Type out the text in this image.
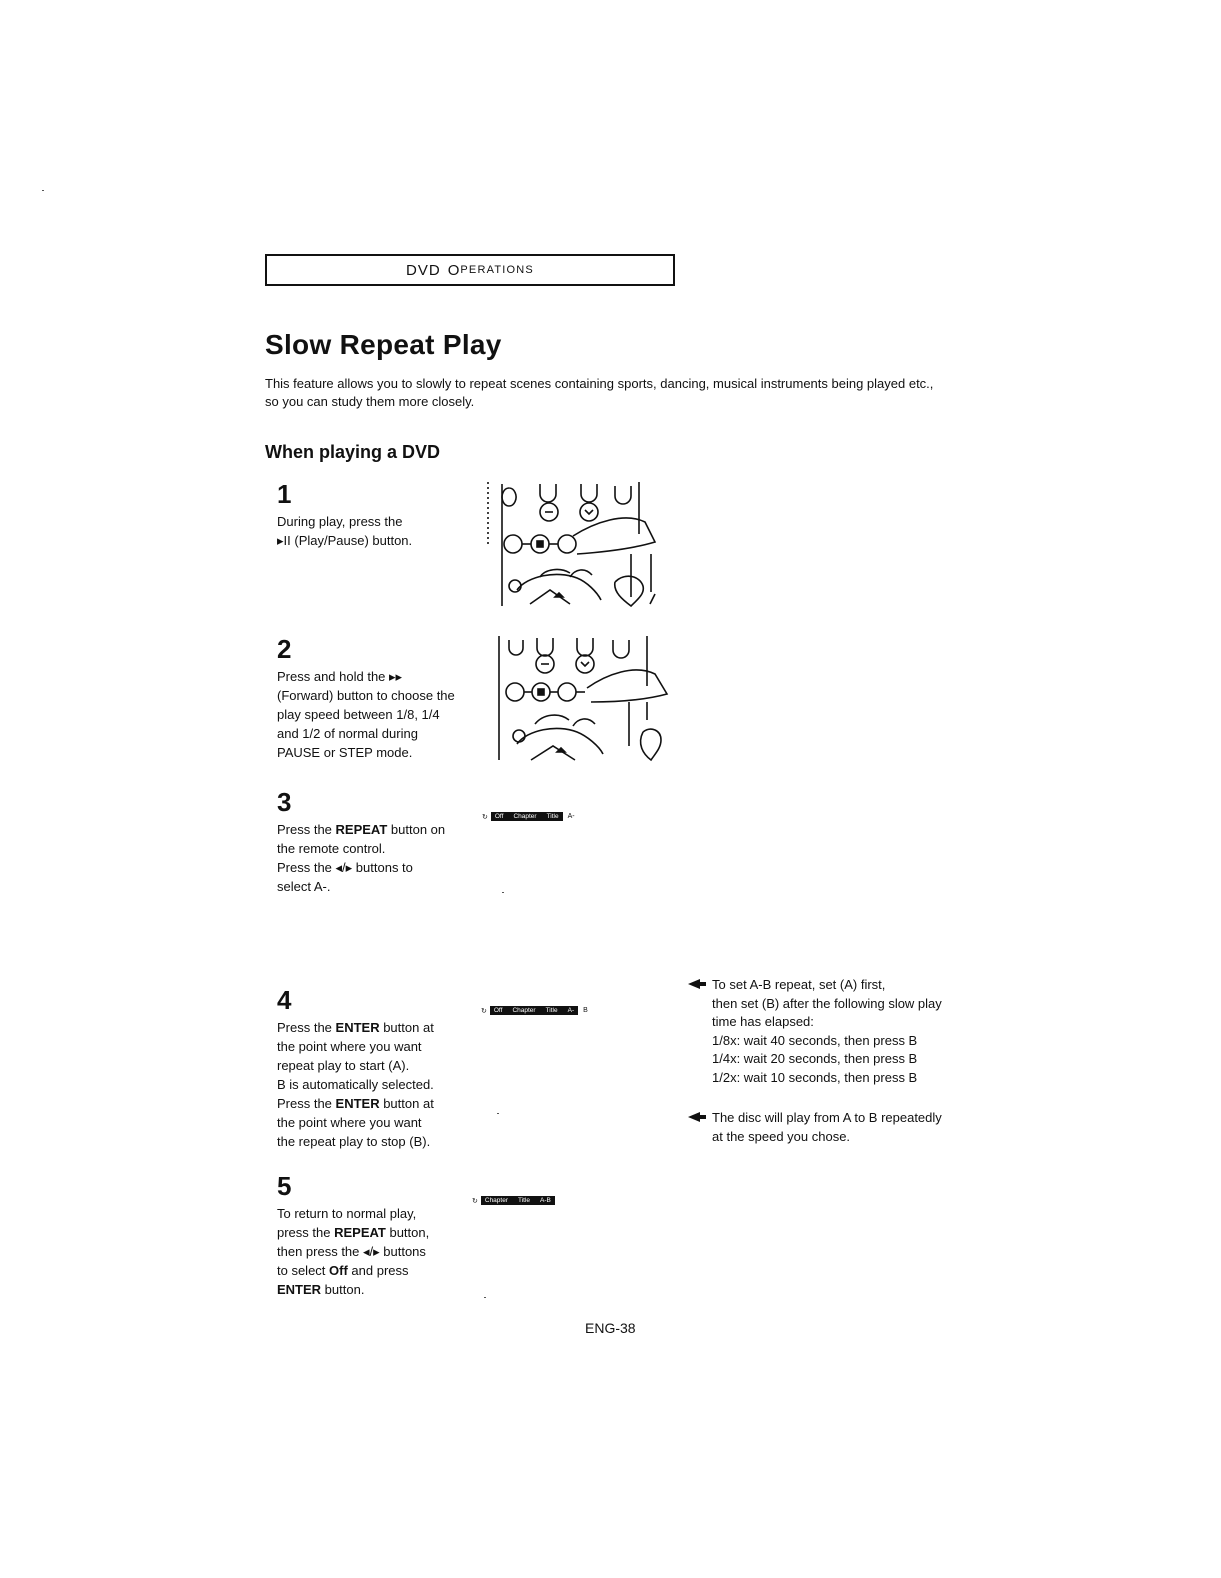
DVD O PERATIONS
Slow Repeat Play

This feature allows you to slowly to repeat scenes containing sports, dancing, musical instruments being played etc., so you can study them more closely.

When playing a DVD
1
During play, press the
▸II (Play/Pause) button.
2
Press and hold the ▸▸
(Forward) button to choose the
play speed between 1/8, 1/4
and 1/2 of normal during
PAUSE or STEP mode.
3
Press the REPEAT button on
the remote control.
Press the ◂/▸ buttons to
select A-.
↻ Off Chapter Title A-
4
Press the ENTER button at
the point where you want
repeat play to start (A).
B is automatically selected.
Press the ENTER button at
the point where you want
the repeat play to stop (B).
↻ Off Chapter Title A- B
To set A-B repeat, set (A) first,
then set (B) after the following slow play
time has elapsed:
1/8x: wait 40 seconds, then press B
1/4x: wait 20 seconds, then press B
1/2x: wait 10 seconds, then press B
The disc will play from A to B repeatedly
at the speed you chose.
5
To return to normal play,
press the REPEAT button,
then press the ◂/▸ buttons
to select Off and press
ENTER button.
↻ Chapter Title A-B
ENG-38
